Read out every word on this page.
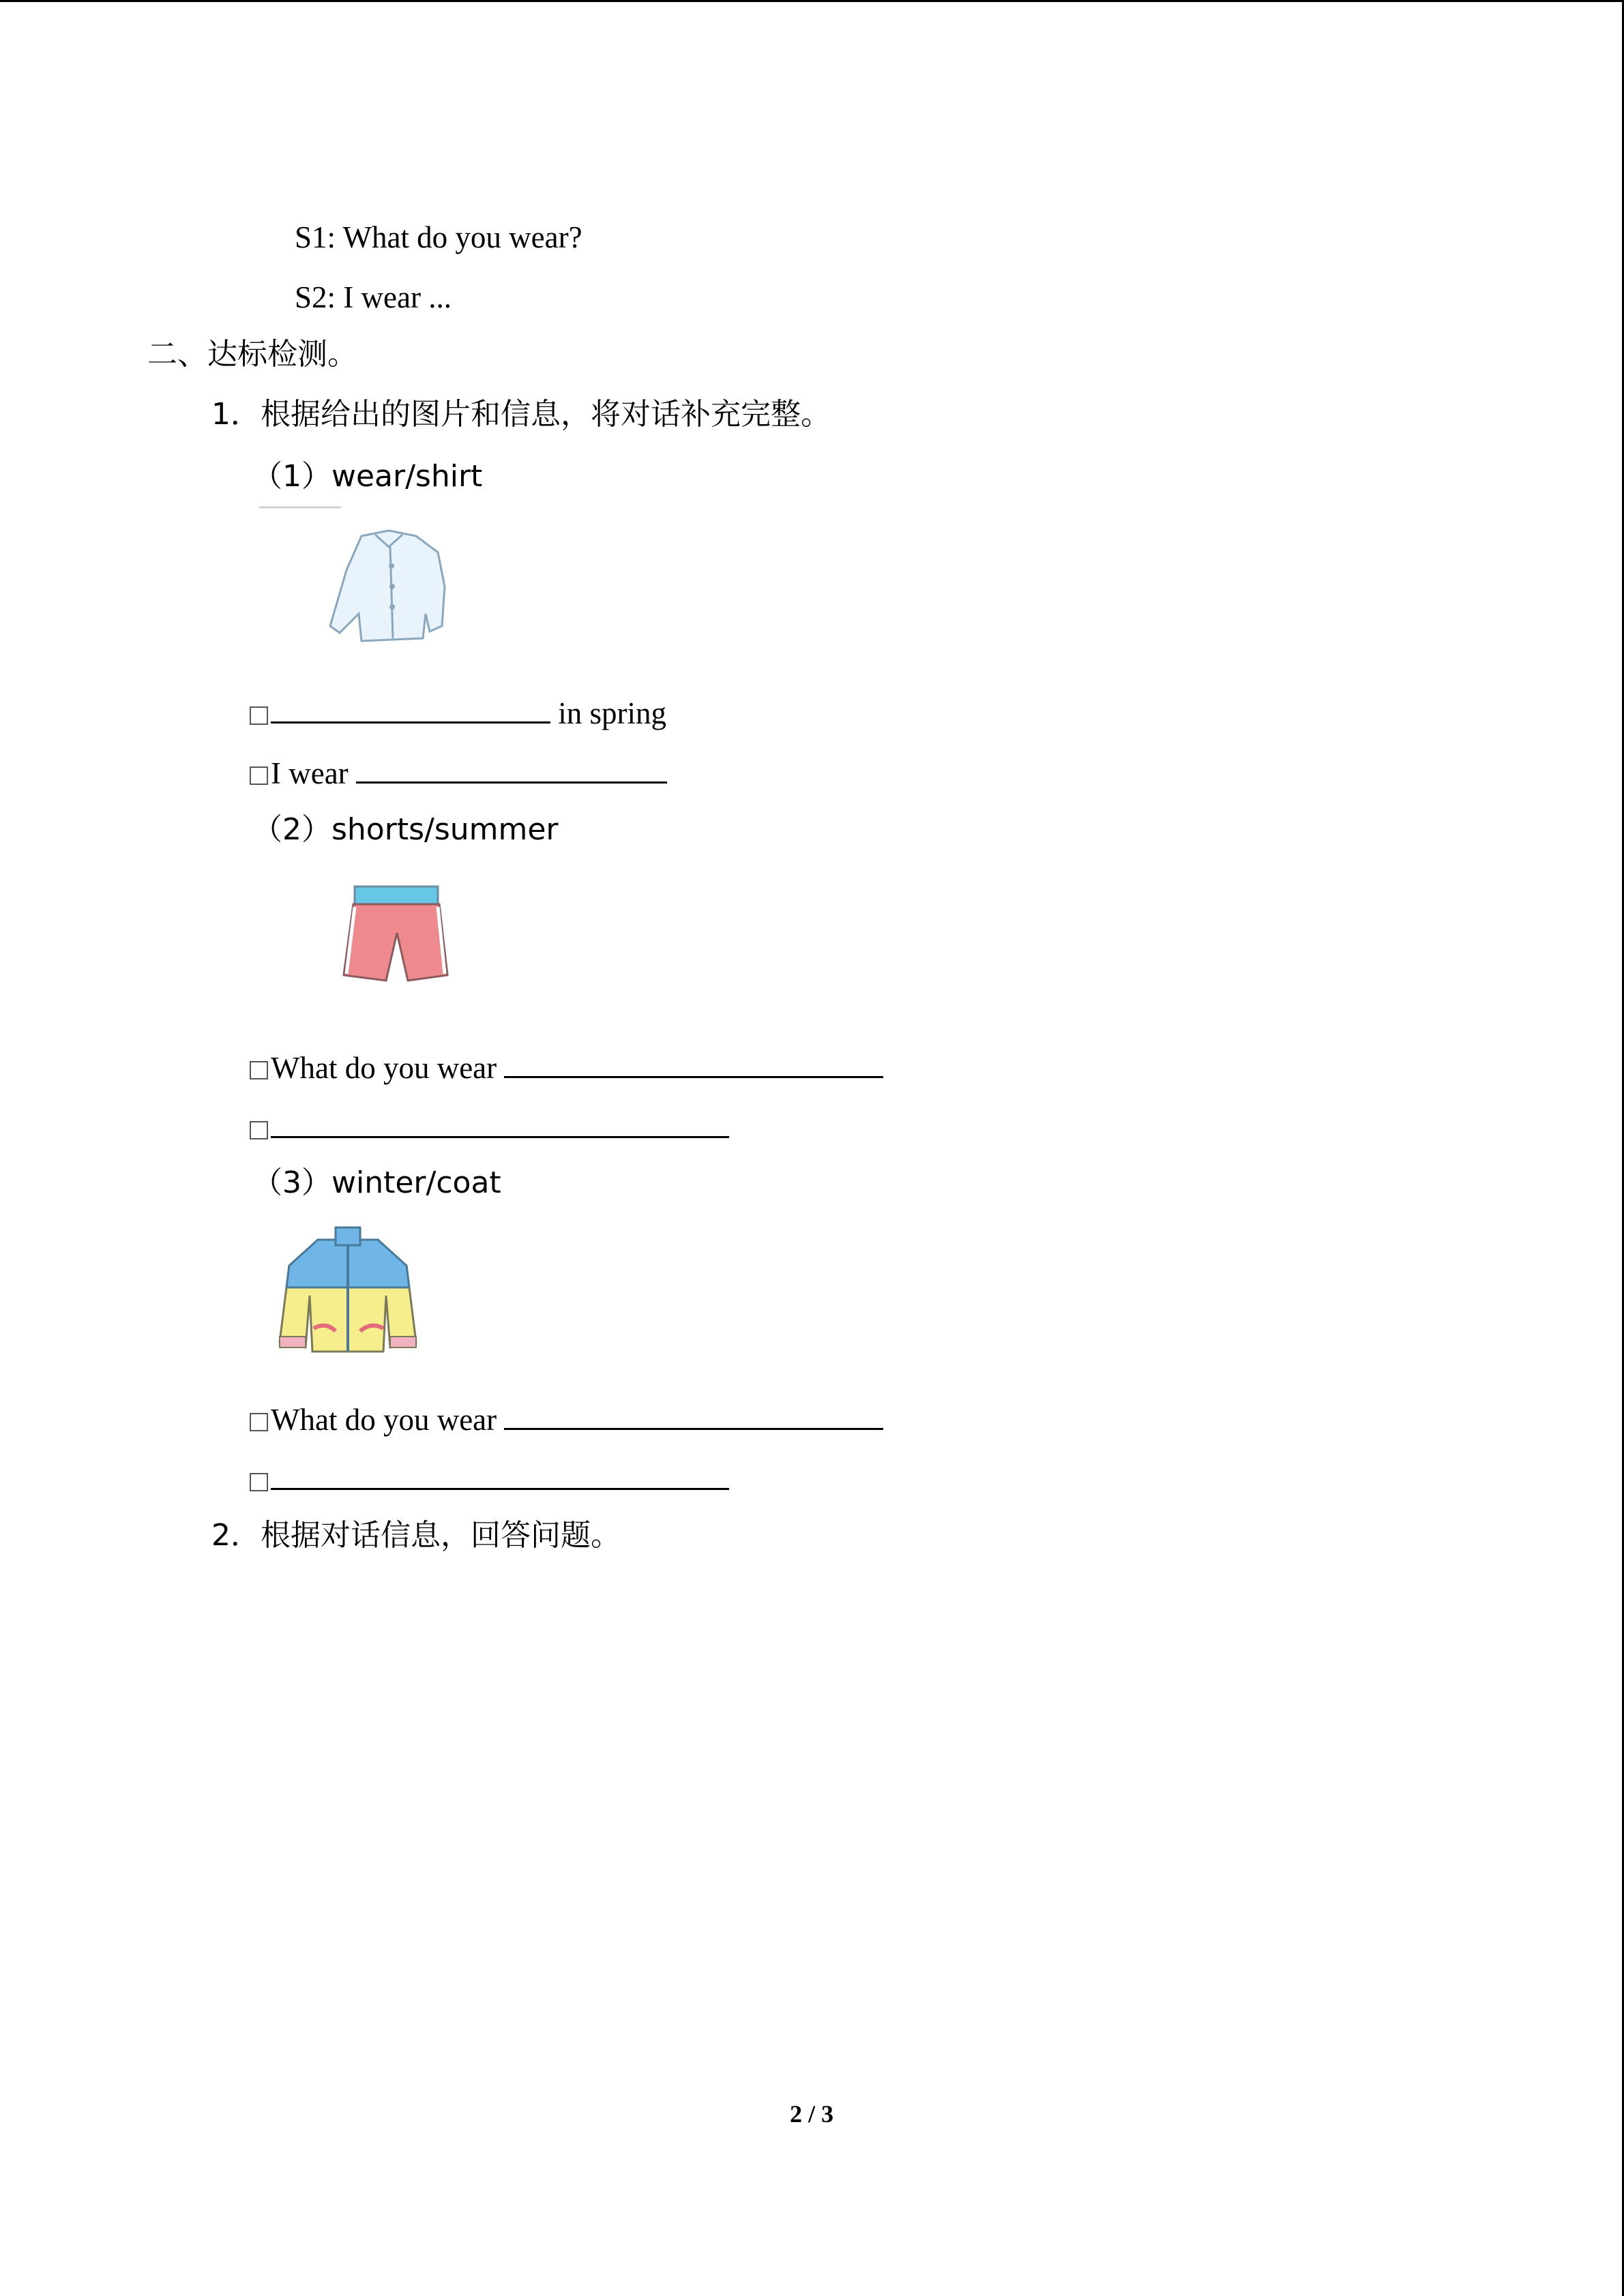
S1: What do you wear?
S2: I wear ...
二、达标检测。
1．根据给出的图片和信息，将对话补充完整。
（1）wear/shirt
in spring
I wear
（2）shorts/summer
What do you wear
（3）winter/coat
What do you wear
2．根据对话信息，回答问题。
2 / 3
